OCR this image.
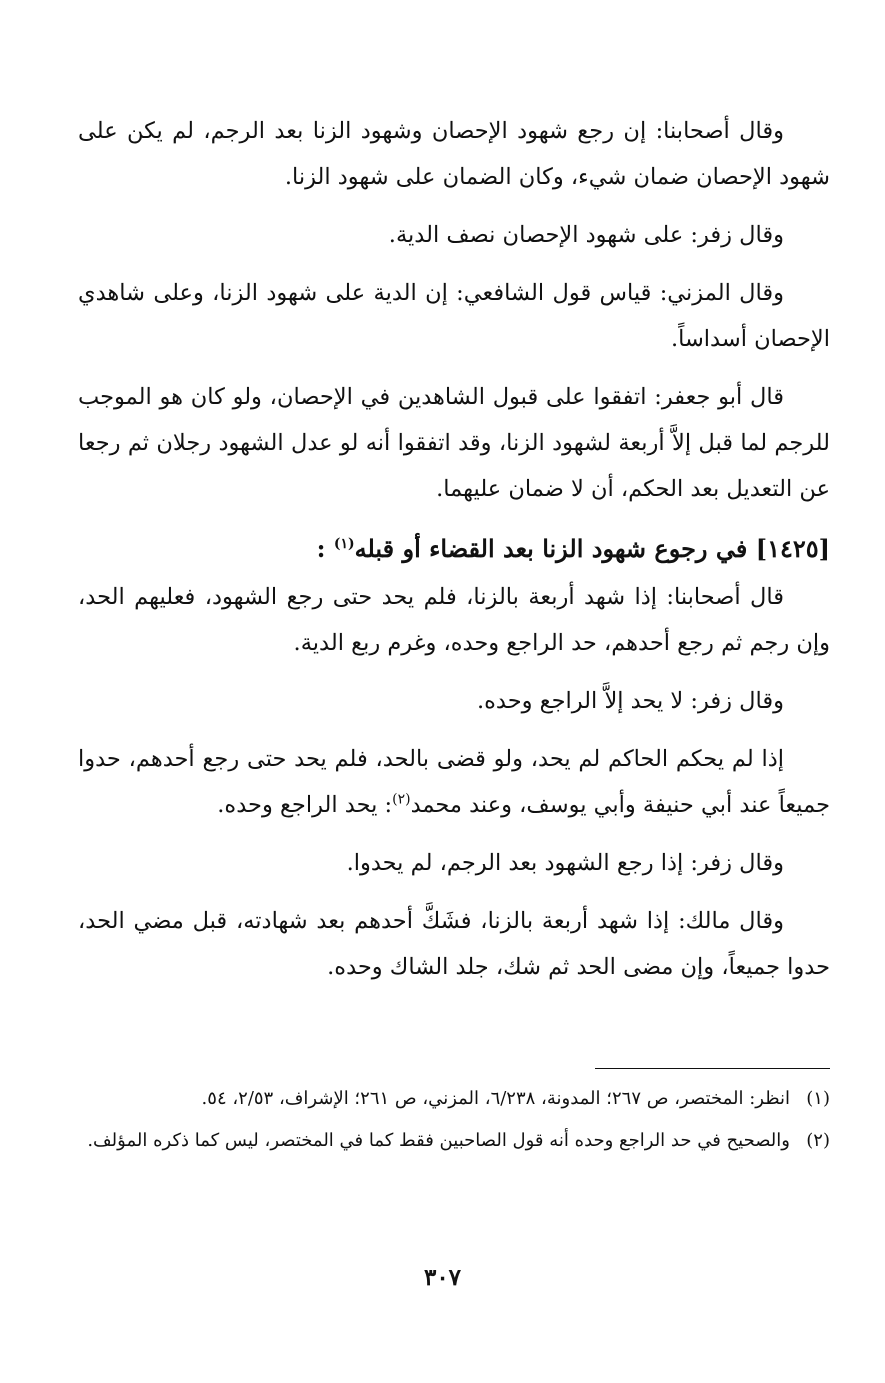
وقال أصحابنا: إن رجع شهود الإحصان وشهود الزنا بعد الرجم، لم يكن على شهود الإحصان ضمان شيء، وكان الضمان على شهود الزنا.

وقال زفر: على شهود الإحصان نصف الدية.

وقال المزني: قياس قول الشافعي: إن الدية على شهود الزنا، وعلى شاهدي الإحصان أسداساً.

قال أبو جعفر: اتفقوا على قبول الشاهدين في الإحصان، ولو كان هو الموجب للرجم لما قبل إلاَّ أربعة لشهود الزنا، وقد اتفقوا أنه لو عدل الشهود رجلان ثم رجعا عن التعديل بعد الحكم، أن لا ضمان عليهما.

[١٤٢٥] في رجوع شهود الزنا بعد القضاء أو قبله$^{(١)}$ :

قال أصحابنا: إذا شهد أربعة بالزنا، فلم يحد حتى رجع الشهود، فعليهم الحد، وإن رجم ثم رجع أحدهم، حد الراجع وحده، وغرم ربع الدية.

وقال زفر: لا يحد إلاَّ الراجع وحده.

إذا لم يحكم الحاكم لم يحد، ولو قضى بالحد، فلم يحد حتى رجع أحدهم، حدوا جميعاً عند أبي حنيفة وأبي يوسف، وعند محمد$^{(٢)}$: يحد الراجع وحده.

وقال زفر: إذا رجع الشهود بعد الرجم، لم يحدوا.

وقال مالك: إذا شهد أربعة بالزنا، فشَكَّ أحدهم بعد شهادته، قبل مضي الحد، حدوا جميعاً، وإن مضى الحد ثم شك، جلد الشاك وحده.

(١)
انظر: المختصر، ص ٢٦٧؛ المدونة، ٦/٢٣٨، المزني، ص ٢٦١؛ الإشراف، ٢/٥٣، ٥٤.

(٢)
والصحيح في حد الراجع وحده أنه قول الصاحبين فقط كما في المختصر، ليس كما ذكره المؤلف.

٣٠٧
